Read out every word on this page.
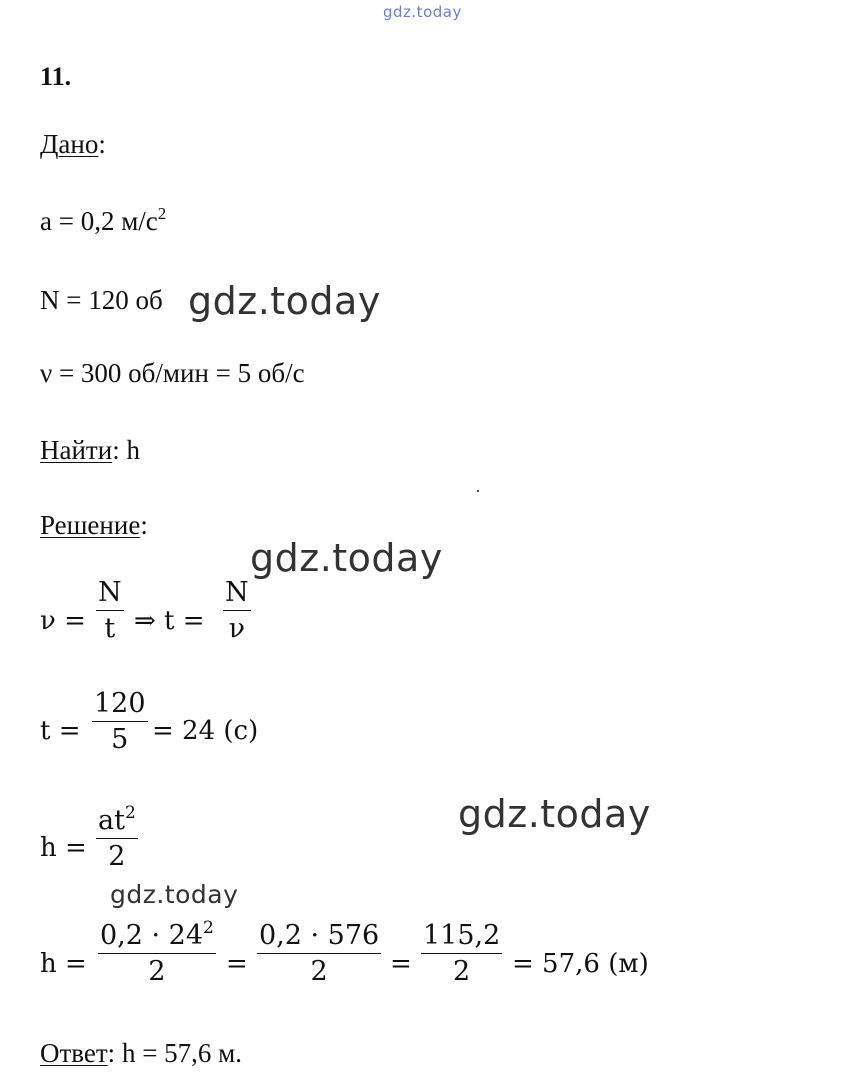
gdz.today
11.
Дано:
a = 0,2 $м/с^2$
N = 120 об gdz.today
ν = 300 об/мин = 5 об/с
Найти: h
Решение:
gdz.today
ν =
N
t ⇒ t =
N
ν
t =
120
5 = 24 (с)
gdz.today
h =
$at^2$
2
gdz.today
h =
$0,2 \cdot 24^2$
2 =
0,2 · 576
2 =
115,2
2 = 57,6 (м)
Ответ: h = 57,6 м.
